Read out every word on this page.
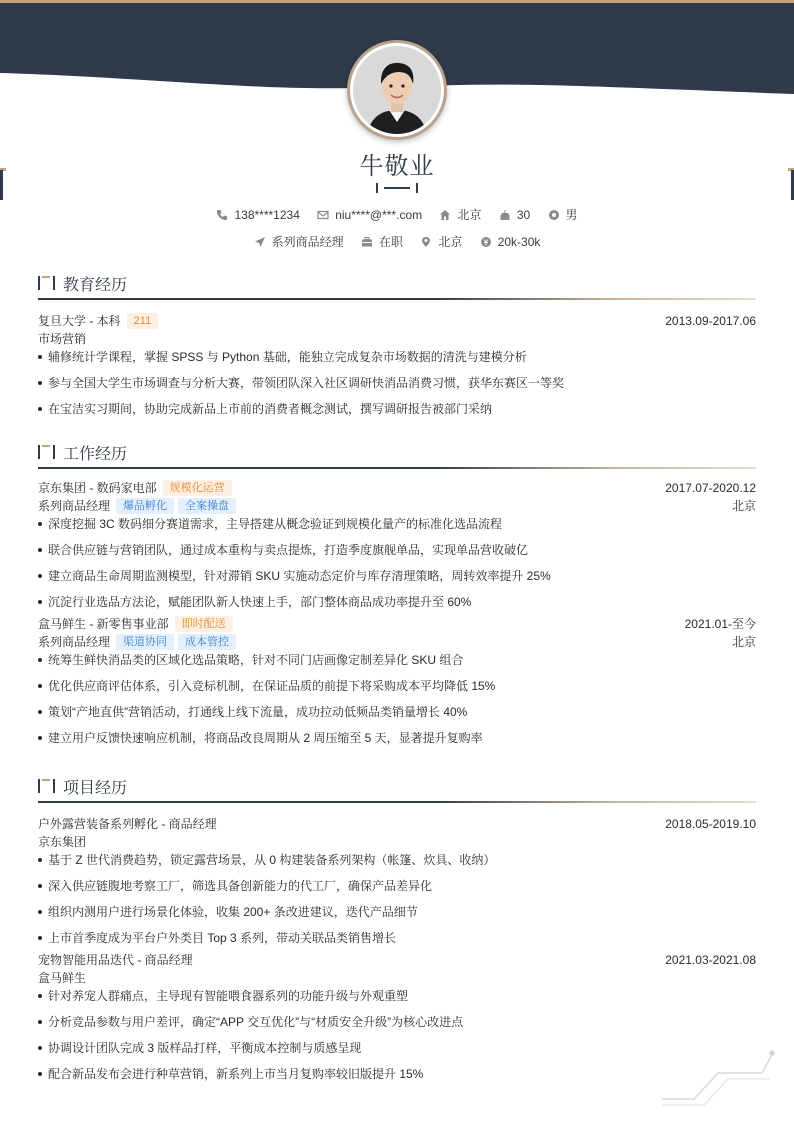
牛敬业
138****1234
	niu****@***.com
	北京
	30
	男
系列商品经理
	在职
	北京
	20k-30k
教育经历
复旦大学 - 本科 211	2013.09-2017.06
市场营销
辅修统计学课程，掌握 SPSS 与 Python 基础，能独立完成复杂市场数据的清洗与建模分析
参与全国大学生市场调查与分析大赛，带领团队深入社区调研快消品消费习惯，获华东赛区一等奖
在宝洁实习期间，协助完成新品上市前的消费者概念测试，撰写调研报告被部门采纳
工作经历
京东集团 - 数码家电部 规模化运营	2017.07-2020.12
系列商品经理 爆品孵化 全案操盘	北京
深度挖掘 3C 数码细分赛道需求，主导搭建从概念验证到规模化量产的标准化选品流程
联合供应链与营销团队，通过成本重构与卖点提炼，打造季度旗舰单品，实现单品营收破亿
建立商品生命周期监测模型，针对滞销 SKU 实施动态定价与库存清理策略，周转效率提升 25%
沉淀行业选品方法论，赋能团队新人快速上手，部门整体商品成功率提升至 60%
盒马鲜生 - 新零售事业部 即时配送	2021.01-至今
系列商品经理 渠道协同 成本管控	北京
统筹生鲜快消品类的区域化选品策略，针对不同门店画像定制差异化 SKU 组合
优化供应商评估体系，引入竞标机制，在保证品质的前提下将采购成本平均降低 15%
策划“产地直供”营销活动，打通线上线下流量，成功拉动低频品类销量增长 40%
建立用户反馈快速响应机制，将商品改良周期从 2 周压缩至 5 天，显著提升复购率
项目经历
户外露营装备系列孵化 - 商品经理	2018.05-2019.10
京东集团
基于 Z 世代消费趋势，锁定露营场景，从 0 构建装备系列架构（帐篷、炊具、收纳）
深入供应链腹地考察工厂，筛选具备创新能力的代工厂，确保产品差异化
组织内测用户进行场景化体验，收集 200+ 条改进建议，迭代产品细节
上市首季度成为平台户外类目 Top 3 系列，带动关联品类销售增长
宠物智能用品迭代 - 商品经理	2021.03-2021.08
盒马鲜生
针对养宠人群痛点，主导现有智能喂食器系列的功能升级与外观重塑
分析竞品参数与用户差评，确定“APP 交互优化”与“材质安全升级”为核心改进点
协调设计团队完成 3 版样品打样，平衡成本控制与质感呈现
配合新品发布会进行种草营销，新系列上市当月复购率较旧版提升 15%
